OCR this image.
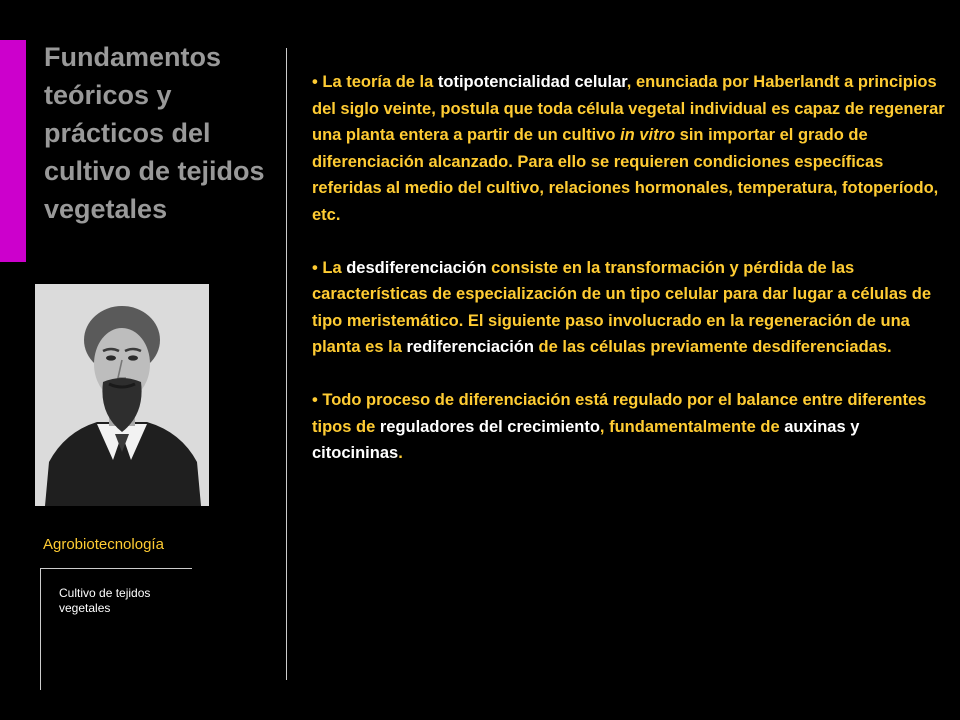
Fundamentos teóricos y prácticos del cultivo de tejidos vegetales
Agrobiotecnología
Cultivo de tejidos vegetales

• La teoría de la totipotencialidad celular, enunciada por Haberlandt a principios del siglo veinte, postula que toda célula vegetal individual es capaz de regenerar una planta entera a partir de un cultivo in vitro sin importar el grado de diferenciación alcanzado. Para ello se requieren condiciones específicas referidas al medio del cultivo, relaciones hormonales, temperatura, fotoperíodo, etc.

• La desdiferenciación consiste en la transformación y pérdida de las características de especialización de un tipo celular para dar lugar a células de tipo meristemático. El siguiente paso involucrado en la regeneración de una planta es la rediferenciación de las células previamente desdiferenciadas.

• Todo proceso de diferenciación está regulado por el balance entre diferentes tipos de reguladores del crecimiento, fundamentalmente de auxinas y citocininas.
